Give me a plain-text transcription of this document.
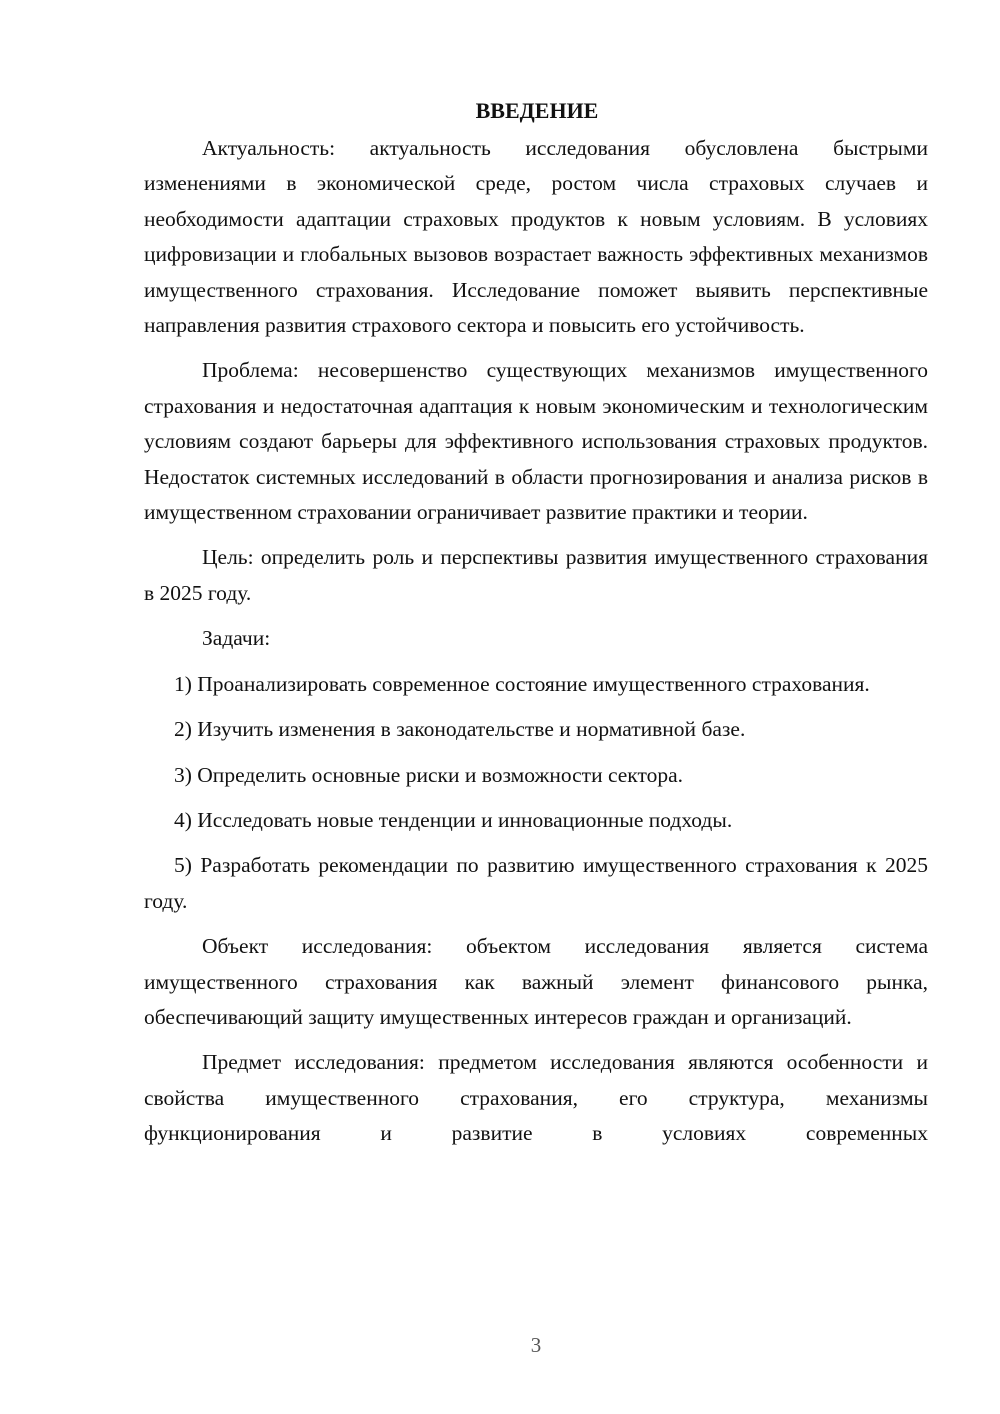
ВВЕДЕНИЕ

Актуальность: актуальность исследования обусловлена быстрыми изменениями в экономической среде, ростом числа страховых случаев и необходимости адаптации страховых продуктов к новым условиям. В условиях цифровизации и глобальных вызовов возрастает важность эффективных механизмов имущественного страхования. Исследование поможет выявить перспективные направления развития страхового сектора и повысить его устойчивость.

Проблема: несовершенство существующих механизмов имущественного страхования и недостаточная адаптация к новым экономическим и технологическим условиям создают барьеры для эффективного использования страховых продуктов. Недостаток системных исследований в области прогнозирования и анализа рисков в имущественном страховании ограничивает развитие практики и теории.

Цель: определить роль и перспективы развития имущественного страхования в 2025 году.

Задачи:

1) Проанализировать современное состояние имущественного страхования.

2) Изучить изменения в законодательстве и нормативной базе.

3) Определить основные риски и возможности сектора.

4) Исследовать новые тенденции и инновационные подходы.

5) Разработать рекомендации по развитию имущественного страхования к 2025 году.

Объект исследования: объектом исследования является система имущественного страхования как важный элемент финансового рынка, обеспечивающий защиту имущественных интересов граждан и организаций.

Предмет исследования: предметом исследования являются особенности и свойства имущественного страхования, его структура, механизмы функционирования и развитие в условиях современных

3
